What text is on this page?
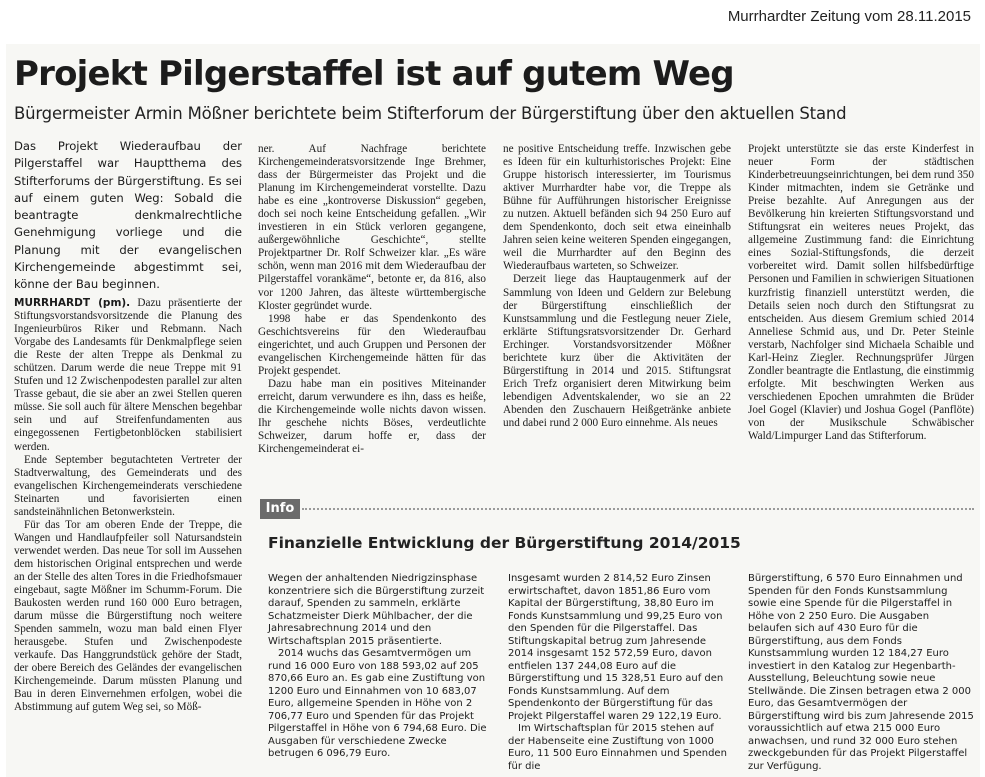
Murrhardter Zeitung vom 28.11.2015
Projekt Pilgerstaffel ist auf gutem Weg
Bürgermeister Armin Mößner berichtete beim Stifterforum der Bürgerstiftung über den aktuellen Stand
Das Projekt Wiederaufbau der Pilgerstaffel war Hauptthema des Stifterforums der Bürgerstiftung. Es sei auf einem guten Weg: Sobald die beantragte denkmalrechtliche Genehmigung vorliege und die Planung mit der evangelischen Kirchengemeinde abgestimmt sei, könne der Bau beginnen.

MURRHARDT (pm). Dazu präsentierte der Stiftungsvorstandsvorsitzende die Planung des Ingenieurbüros Riker und Rebmann. Nach Vorgabe des Landesamts für Denkmalpflege seien die Reste der alten Treppe als Denkmal zu schützen. Darum werde die neue Treppe mit 91 Stufen und 12 Zwischenpodesten parallel zur alten Trasse gebaut, die sie aber an zwei Stellen queren müsse. Sie soll auch für ältere Menschen begehbar sein und auf Streifenfundamenten aus eingegossenen Fertigbetonblöcken stabilisiert werden.

Ende September begutachteten Vertreter der Stadtverwaltung, des Gemeinderats und des evangelischen Kirchengemeinderats verschiedene Steinarten und favorisierten einen sandsteinähnlichen Betonwerkstein.

Für das Tor am oberen Ende der Treppe, die Wangen und Handlaufpfeiler soll Natursandstein verwendet werden. Das neue Tor soll im Aussehen dem historischen Original entsprechen und werde an der Stelle des alten Tores in die Friedhofsmauer eingebaut, sagte Mößner im Schumm-Forum. Die Baukosten werden rund 160 000 Euro betragen, darum müsse die Bürgerstiftung noch weitere Spenden sammeln, wozu man bald einen Flyer herausgebe. Stufen und Zwischenpodeste verkaufe. Das Hanggrundstück gehöre der Stadt, der obere Bereich des Geländes der evangelischen Kirchengemeinde. Darum müssten Planung und Bau in deren Einvernehmen erfolgen, wobei die Abstimmung auf gutem Weg sei, so Möß-

ner. Auf Nachfrage berichtete Kirchengemeinderatsvorsitzende Inge Brehmer, dass der Bürgermeister das Projekt und die Planung im Kirchengemeinderat vorstellte. Dazu habe es eine „kontroverse Diskussion“ gegeben, doch sei noch keine Entscheidung gefallen. „Wir investieren in ein Stück verloren gegangene, außergewöhnliche Geschichte“, stellte Projektpartner Dr. Rolf Schweizer klar. „Es wäre schön, wenn man 2016 mit dem Wiederaufbau der Pilgerstaffel vorankäme“, betonte er, da 816, also vor 1200 Jahren, das älteste württembergische Kloster gegründet wurde.

1998 habe er das Spendenkonto des Geschichtsvereins für den Wiederaufbau eingerichtet, und auch Gruppen und Personen der evangelischen Kirchengemeinde hätten für das Projekt gespendet.

Dazu habe man ein positives Miteinander erreicht, darum verwundere es ihn, dass es heiße, die Kirchengemeinde wolle nichts davon wissen. Ihr geschehe nichts Böses, verdeutlichte Schweizer, darum hoffe er, dass der Kirchengemeinderat ei-

ne positive Entscheidung treffe. Inzwischen gebe es Ideen für ein kulturhistorisches Projekt: Eine Gruppe historisch interessierter, im Tourismus aktiver Murrhardter habe vor, die Treppe als Bühne für Aufführungen historischer Ereignisse zu nutzen. Aktuell befänden sich 94 250 Euro auf dem Spendenkonto, doch seit etwa eineinhalb Jahren seien keine weiteren Spenden eingegangen, weil die Murrhardter auf den Beginn des Wiederaufbaus warteten, so Schweizer.

Derzeit liege das Hauptaugenmerk auf der Sammlung von Ideen und Geldern zur Belebung der Bürgerstiftung einschließlich der Kunstsammlung und die Festlegung neuer Ziele, erklärte Stiftungsratsvorsitzender Dr. Gerhard Erchinger. Vorstandsvorsitzender Mößner berichtete kurz über die Aktivitäten der Bürgerstiftung in 2014 und 2015. Stiftungsrat Erich Trefz organisiert deren Mitwirkung beim lebendigen Adventskalender, wo sie an 22 Abenden den Zuschauern Heißgetränke anbiete und dabei rund 2 000 Euro einnehme. Als neues

Projekt unterstützte sie das erste Kinderfest in neuer Form der städtischen Kinderbetreuungseinrichtungen, bei dem rund 350 Kinder mitmachten, indem sie Getränke und Preise bezahlte. Auf Anregungen aus der Bevölkerung hin kreierten Stiftungsvorstand und Stiftungsrat ein weiteres neues Projekt, das allgemeine Zustimmung fand: die Einrichtung eines Sozial-Stiftungsfonds, die derzeit vorbereitet wird. Damit sollen hilfsbedürftige Personen und Familien in schwierigen Situationen kurzfristig finanziell unterstützt werden, die Details seien noch durch den Stiftungsrat zu entscheiden. Aus diesem Gremium schied 2014 Anneliese Schmid aus, und Dr. Peter Steinle verstarb, Nachfolger sind Michaela Schaible und Karl-Heinz Ziegler. Rechnungsprüfer Jürgen Zondler beantragte die Entlastung, die einstimmig erfolgte. Mit beschwingten Werken aus verschiedenen Epochen umrahmten die Brüder Joel Gogel (Klavier) und Joshua Gogel (Panflöte) von der Musikschule Schwäbischer Wald/Limpurger Land das Stifterforum.

Info
Finanzielle Entwicklung der Bürgerstiftung 2014/2015

Wegen der anhaltenden Niedrigzinsphase konzentriere sich die Bürgerstiftung zurzeit darauf, Spenden zu sammeln, erklärte Schatzmeister Dierk Mühlbacher, der die Jahresabrechnung 2014 und den Wirtschaftsplan 2015 präsentierte.

2014 wuchs das Gesamtvermögen um rund 16 000 Euro von 188 593,02 auf 205 870,66 Euro an. Es gab eine Zustiftung von 1200 Euro und Einnahmen von 10 683,07 Euro, allgemeine Spenden in Höhe von 2 706,77 Euro und Spenden für das Projekt Pilgerstaffel in Höhe von 6 794,68 Euro. Die Ausgaben für verschiedene Zwecke betrugen 6 096,79 Euro.

Insgesamt wurden 2 814,52 Euro Zinsen erwirtschaftet, davon 1851,86 Euro vom Kapital der Bürgerstiftung, 38,80 Euro im Fonds Kunstsammlung und 99,25 Euro von den Spenden für die Pilgerstaffel. Das Stiftungskapital betrug zum Jahresende 2014 insgesamt 152 572,59 Euro, davon entfielen 137 244,08 Euro auf die Bürgerstiftung und 15 328,51 Euro auf den Fonds Kunstsammlung. Auf dem Spendenkonto der Bürgerstiftung für das Projekt Pilgerstaffel waren 29 122,19 Euro.

Im Wirtschaftsplan für 2015 stehen auf der Habenseite eine Zustiftung von 1000 Euro, 11 500 Euro Einnahmen und Spenden für die

Bürgerstiftung, 6 570 Euro Einnahmen und Spenden für den Fonds Kunstsammlung sowie eine Spende für die Pilgerstaffel in Höhe von 2 250 Euro. Die Ausgaben belaufen sich auf 430 Euro für die Bürgerstiftung, aus dem Fonds Kunstsammlung wurden 12 184,27 Euro investiert in den Katalog zur Hegenbarth-Ausstellung, Beleuchtung sowie neue Stellwände. Die Zinsen betragen etwa 2 000 Euro, das Gesamtvermögen der Bürgerstiftung wird bis zum Jahresende 2015 voraussichtlich auf etwa 215 000 Euro anwachsen, und rund 32 000 Euro stehen zweckgebunden für das Projekt Pilgerstaffel zur Verfügung.
